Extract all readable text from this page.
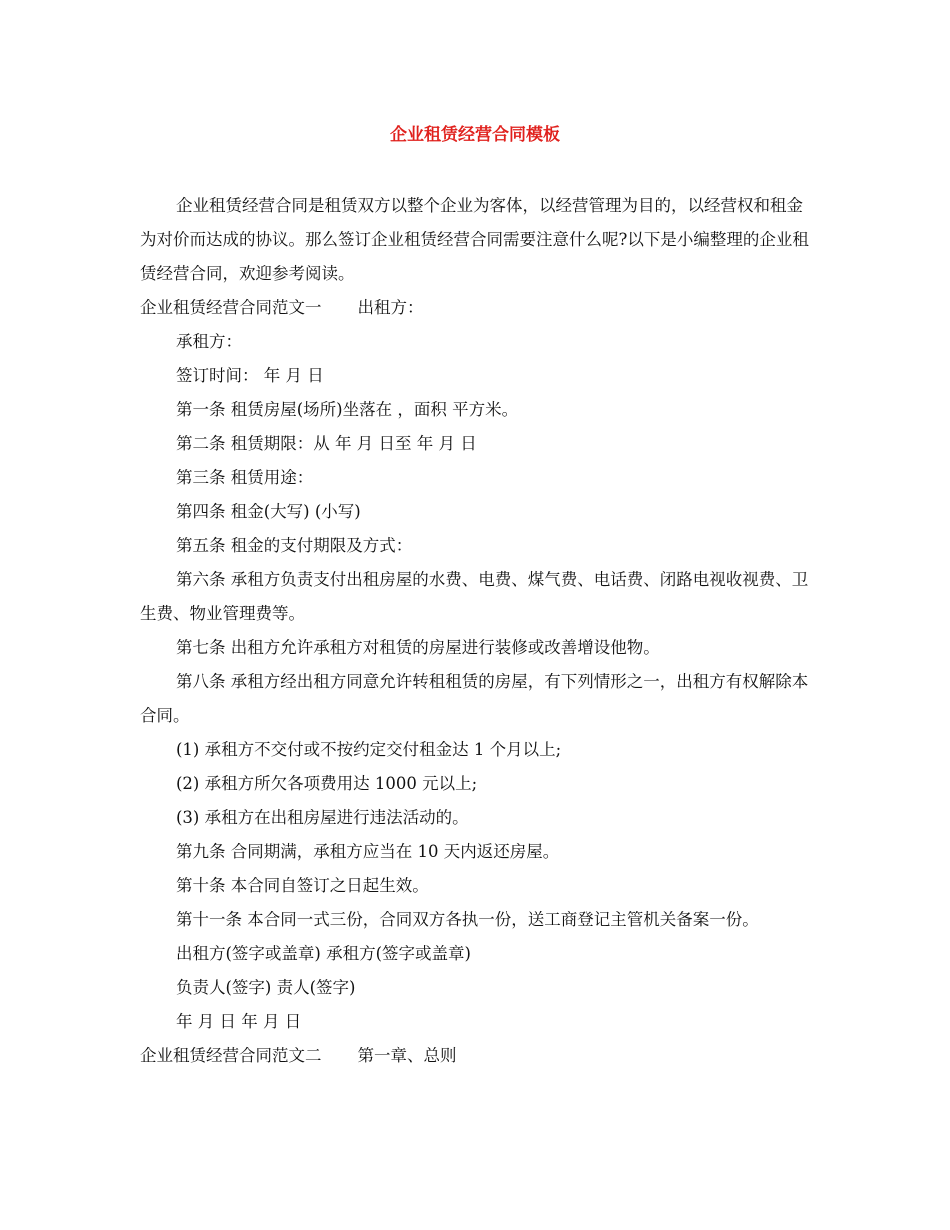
企业租赁经营合同模板

企业租赁经营合同是租赁双方以整个企业为客体，以经营管理为目的，以经营权和租金为对价而达成的协议。那么签订企业租赁经营合同需要注意什么呢?以下是小编整理的企业租赁经营合同，欢迎参考阅读。

企业租赁经营合同范文一 出租方：

承租方：

签订时间： 年 月 日

第一条 租赁房屋(场所)坐落在 ，面积 平方米。

第二条 租赁期限：从 年 月 日至 年 月 日

第三条 租赁用途：

第四条 租金(大写) (小写)

第五条 租金的支付期限及方式：

第六条 承租方负责支付出租房屋的水费、电费、煤气费、电话费、闭路电视收视费、卫生费、物业管理费等。

第七条 出租方允许承租方对租赁的房屋进行装修或改善增设他物。

第八条 承租方经出租方同意允许转租租赁的房屋，有下列情形之一，出租方有权解除本合同。

(1) 承租方不交付或不按约定交付租金达 1 个月以上;

(2) 承租方所欠各项费用达 1000 元以上;

(3) 承租方在出租房屋进行违法活动的。

第九条 合同期满，承租方应当在 10 天内返还房屋。

第十条 本合同自签订之日起生效。

第十一条 本合同一式三份，合同双方各执一份，送工商登记主管机关备案一份。

出租方(签字或盖章) 承租方(签字或盖章)

负责人(签字) 责人(签字)

年 月 日 年 月 日

企业租赁经营合同范文二 第一章、总则
